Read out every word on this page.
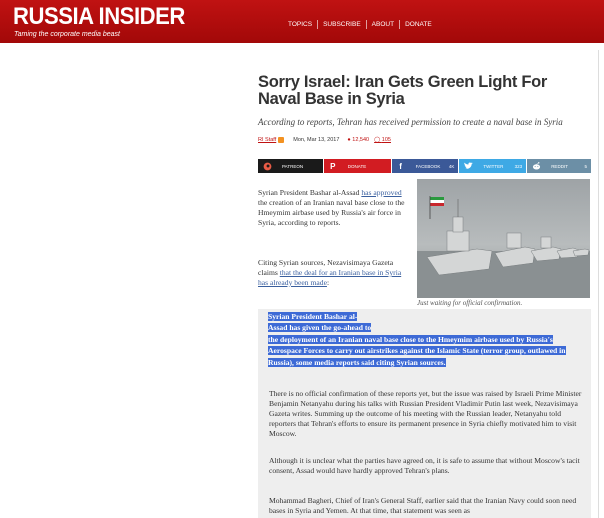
RUSSIA INSIDER
Taming the corporate media beast
TOPICS	SUBSCRIBE	ABOUT	DONATE
Sorry Israel: Iran Gets Green Light For Naval Base in Syria
According to reports, Tehran has received permission to create a naval base in Syria
RI Staff	Mon, Mar 13, 2017 ● 12,540 ◯ 105
PATREON	P	DONATE	f	FACEBOOK 4K	TWITTER	323	REDDIT	5
Just waiting for official confirmation.
Syrian President Bashar al-Assad has approved the creation of an Iranian naval base close to the Hmeymim airbase used by Russia's air force in Syria, according to reports.
Citing Syrian sources, Nezavisimaya Gazeta claims that the deal for an Iranian base in Syria has already been made:
Syrian President Bashar al-
Assad has given the go-ahead to
the deployment of an Iranian naval base close to the Hmeymim airbase used by Russia's Aerospace Forces to carry out airstrikes against the Islamic State (terror group, outlawed in Russia), some media reports said citing Syrian sources.
There is no official confirmation of these reports yet, but the issue was raised by Israeli Prime Minister Benjamin Netanyahu during his talks with Russian President Vladimir Putin last week, Nezavisimaya Gazeta writes. Summing up the outcome of his meeting with the Russian leader, Netanyahu told reporters that Tehran's efforts to ensure its permanent presence in Syria chiefly motivated him to visit Moscow.
Although it is unclear what the parties have agreed on, it is safe to assume that without Moscow's tacit consent, Assad would have hardly approved Tehran's plans.
Mohammad Bagheri, Chief of Iran's General Staff, earlier said that the Iranian Navy could soon need bases in Syria and Yemen. At that time, that statement was seen as
